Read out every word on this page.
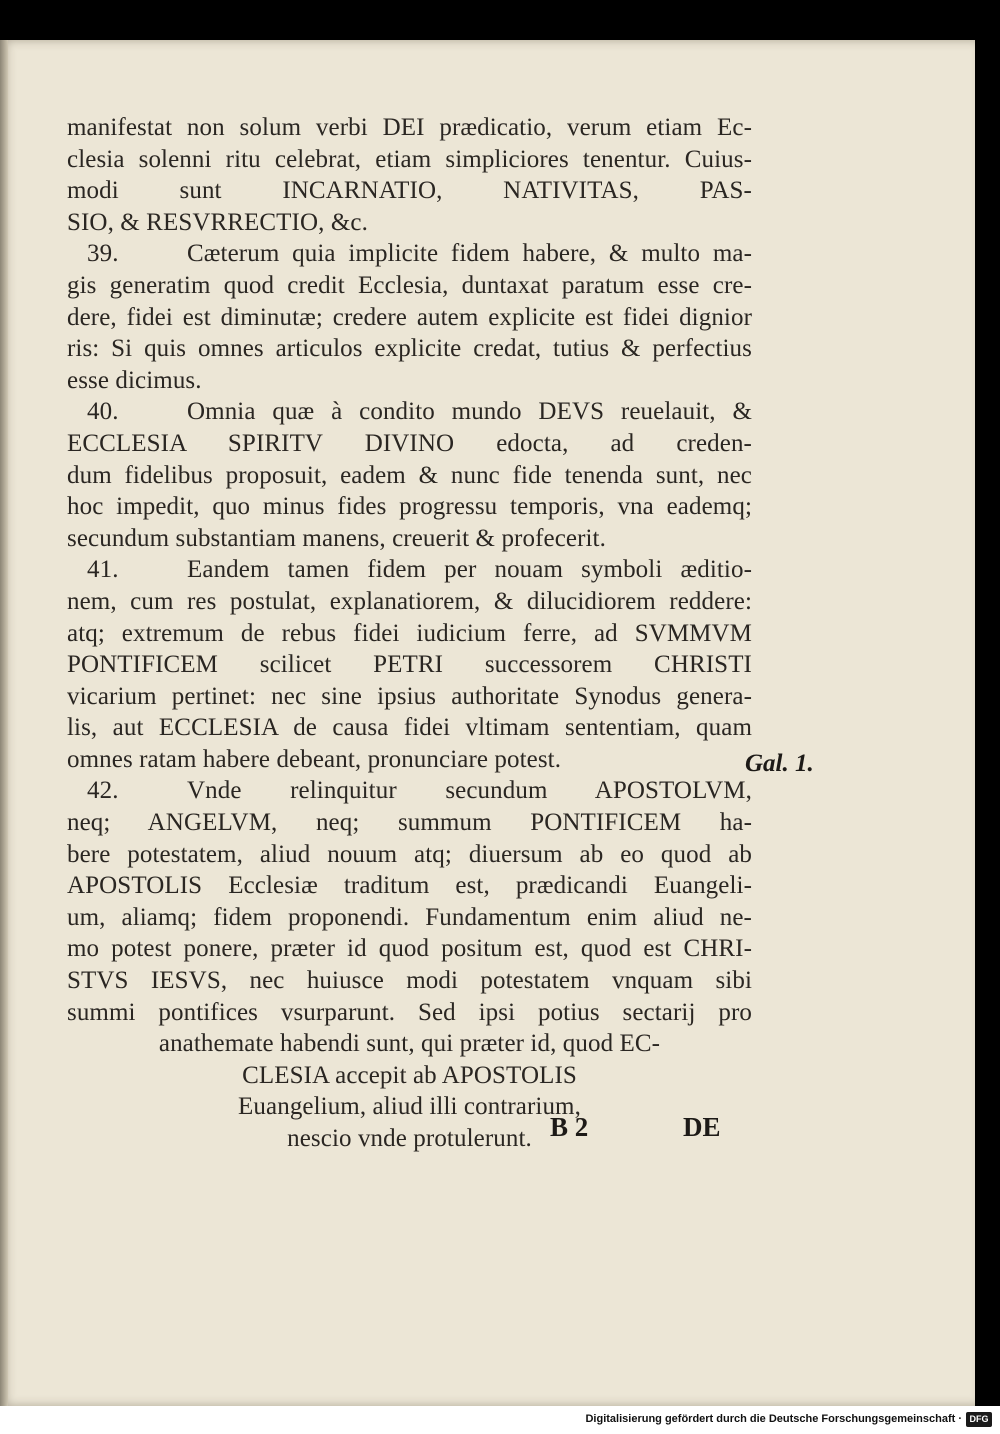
manifestat non solum verbi DEI prædicatio, verum etiam Ec-
clesia solenni ritu celebrat, etiam simpliciores tenentur. Cuius-
modi sunt INCARNATIO, NATIVITAS, PAS-
SIO, & RESVRRECTIO, &c.
39.	Cæterum quia implicite fidem habere, & multo ma-
gis generatim quod credit Ecclesia, duntaxat paratum esse cre-
dere, fidei est diminutæ; credere autem explicite est fidei dignior
ris: Si quis omnes articulos explicite credat, tutius & perfectius
esse dicimus.
40.	Omnia quæ à condito mundo DEVS reuelauit, &
ECCLESIA SPIRITV DIVINO edocta, ad creden-
dum fidelibus proposuit, eadem & nunc fide tenenda sunt, nec
hoc impedit, quo minus fides progressu temporis, vna eademq;
secundum substantiam manens, creuerit & profecerit.
41.	Eandem tamen fidem per nouam symboli æditio-
nem, cum res postulat, explanatiorem, & dilucidiorem reddere:
atq; extremum de rebus fidei iudicium ferre, ad SVMMVM
PONTIFICEM scilicet PETRI successorem CHRISTI
vicarium pertinet: nec sine ipsius authoritate Synodus genera-
lis, aut ECCLESIA de causa fidei vltimam sententiam, quam
omnes ratam habere debeant, pronunciare potest.
42.	Vnde relinquitur secundum APOSTOLVM,
neq; ANGELVM, neq; summum PONTIFICEM ha-
bere potestatem, aliud nouum atq; diuersum ab eo quod ab
APOSTOLIS Ecclesiæ traditum est, prædicandi Euangeli-
um, aliamq; fidem proponendi. Fundamentum enim aliud ne-
mo potest ponere, præter id quod positum est, quod est CHRI-
STVS IESVS, nec huiusce modi potestatem vnquam sibi
summi pontifices vsurparunt. Sed ipsi potius sectarij pro
anathemate habendi sunt, qui præter id, quod EC-
CLESIA accepit ab APOSTOLIS
Euangelium, aliud illi contrarium,
nescio vnde protulerunt.
Gal. 1.
B 2	DE
Digitalisierung gefördert durch die Deutsche Forschungsgemeinschaft · DFG
